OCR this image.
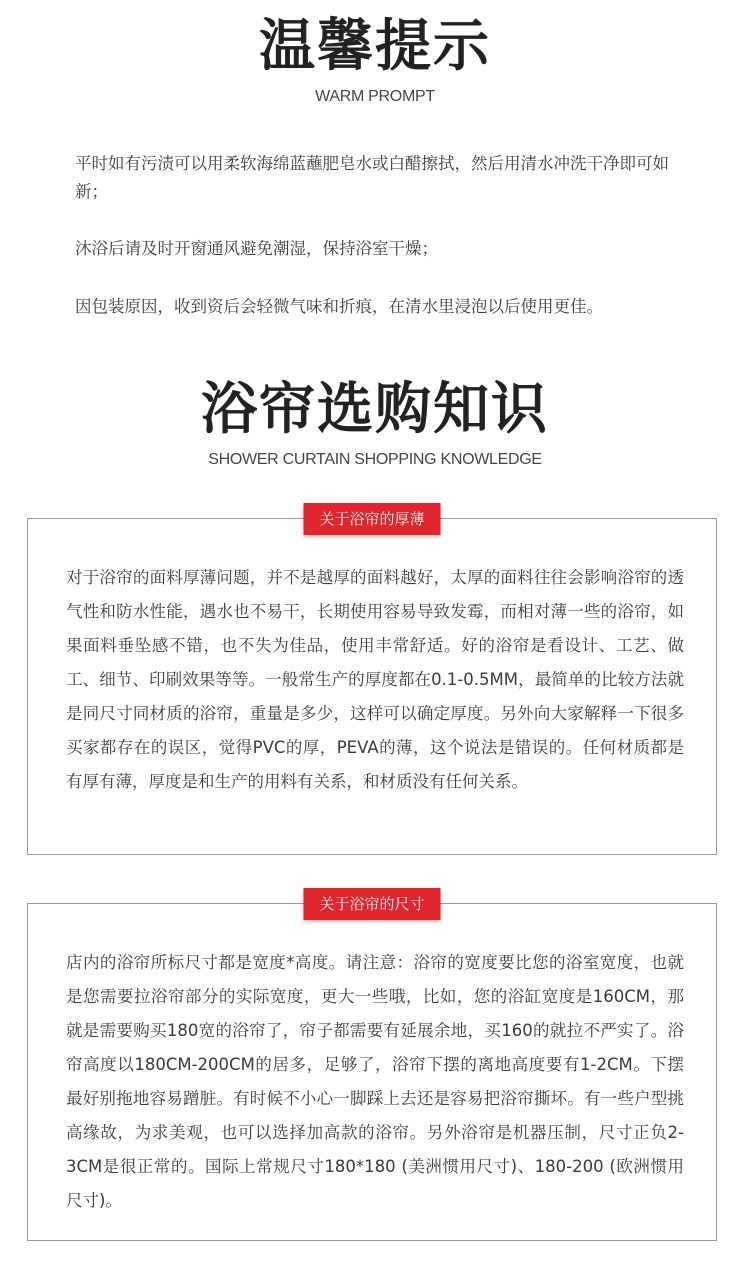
温馨提示
WARM PROMPT

平时如有污渍可以用柔软海绵蓝蘸肥皂水或白醋擦拭，然后用清水冲洗干净即可如新；

沐浴后请及时开窗通风避免潮湿，保持浴室干燥；

因包装原因，收到资后会轻微气味和折痕，在清水里浸泡以后使用更佳。

浴帘选购知识
SHOWER CURTAIN SHOPPING KNOWLEDGE
关于浴帘的厚薄

对于浴帘的面料厚薄问题，并不是越厚的面料越好，太厚的面料往往会影响浴帘的透气性和防水性能，遇水也不易干，长期使用容易导致发霉，而相对薄一些的浴帘，如果面料垂坠感不错，也不失为佳品，使用丰常舒适。好的浴帘是看设计、工艺、做工、细节、印刷效果等等。一般常生产的厚度都在0.1-0.5MM，最简单的比较方法就是同尺寸同材质的浴帘，重量是多少，这样可以确定厚度。另外向大家解释一下很多买家都存在的误区，觉得PVC的厚，PEVA的薄，这个说法是错误的。任何材质都是有厚有薄，厚度是和生产的用料有关系，和材质没有任何关系。

关于浴帘的尺寸

店内的浴帘所标尺寸都是宽度*高度。请注意：浴帘的宽度要比您的浴室宽度，也就是您需要拉浴帘部分的实际宽度，更大一些哦，比如，您的浴缸宽度是160CM，那就是需要购买180宽的浴帘了，帘子都需要有延展余地，买160的就拉不严实了。浴帘高度以180CM-200CM的居多，足够了，浴帘下摆的离地高度要有1-2CM。下摆最好别拖地容易蹭脏。有时候不小心一脚踩上去还是容易把浴帘撕坏。有一些户型挑高缘故，为求美观，也可以选择加高款的浴帘。另外浴帘是机器压制，尺寸正负2-3CM是很正常的。国际上常规尺寸180*180 (美洲惯用尺寸)、180-200 (欧洲惯用尺寸)。
